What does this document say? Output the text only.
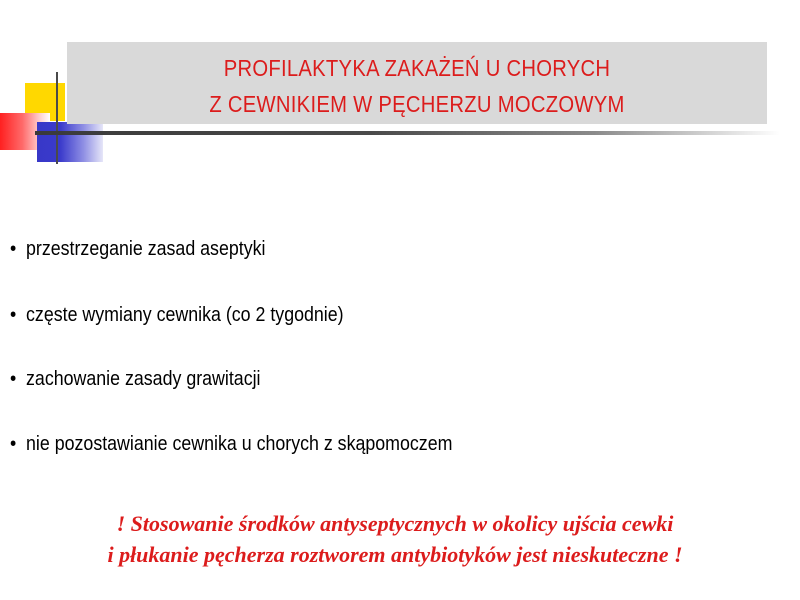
PROFILAKTYKA ZAKAŻEŃ U CHORYCH
Z CEWNIKIEM W PĘCHERZU MOCZOWYM
• przestrzeganie zasad aseptyki
• częste wymiany cewnika (co 2 tygodnie)
• zachowanie zasady grawitacji
• nie pozostawianie cewnika u chorych z skąpomoczem
! Stosowanie środków antyseptycznych w okolicy ujścia cewki
i płukanie pęcherza roztworem antybiotyków jest nieskuteczne !
